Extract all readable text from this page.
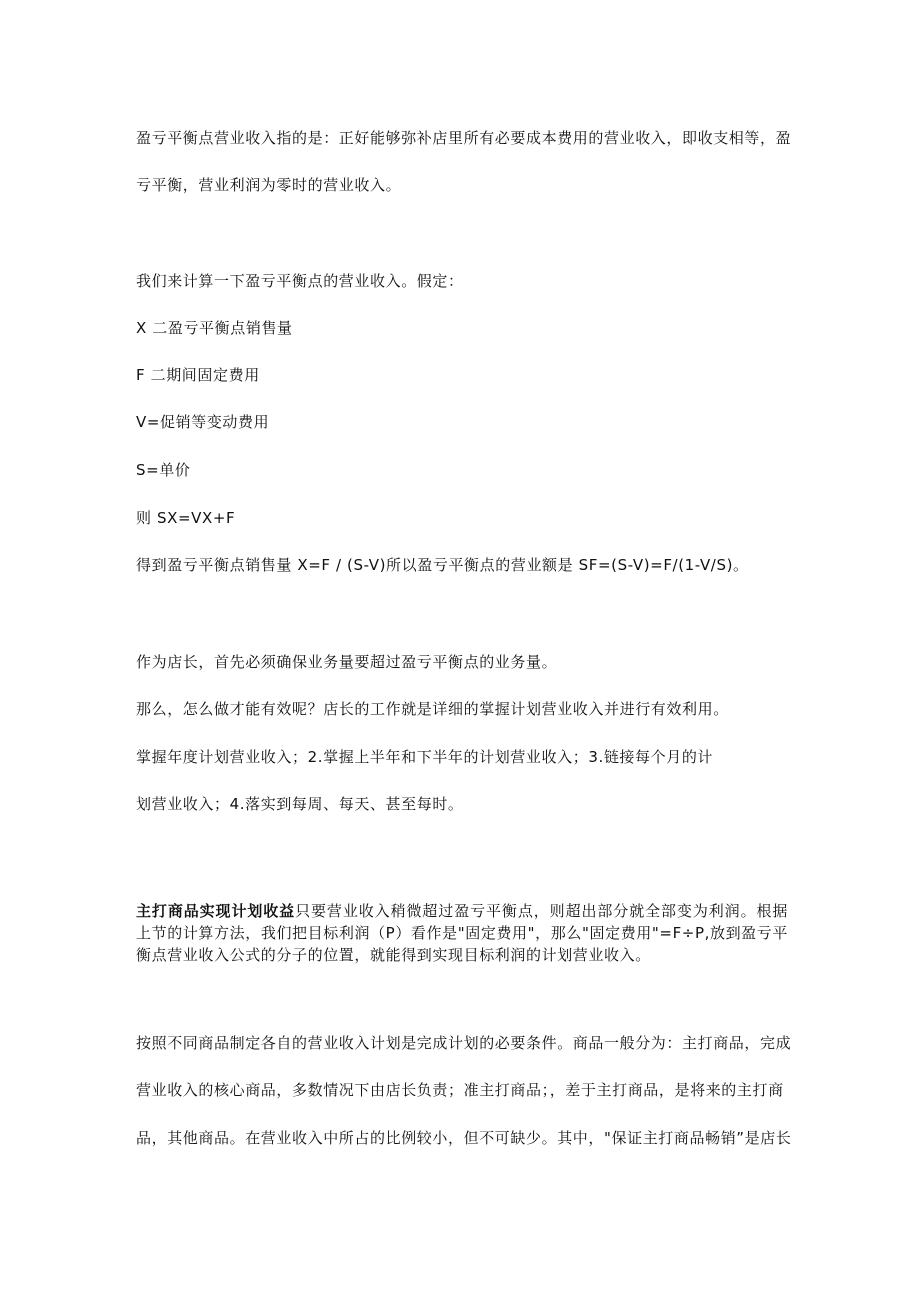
盈亏平衡点营业收入指的是：正好能够弥补店里所有必要成本费用的营业收入，即收支相等，盈

亏平衡，营业利润为零时的营业收入。

我们来计算一下盈亏平衡点的营业收入。假定：

X 二盈亏平衡点销售量

F 二期间固定费用

V=促销等变动费用

S=单价

则 SX=VX+F

得到盈亏平衡点销售量 X=F / (S-V)所以盈亏平衡点的营业额是 SF=(S-V)=F/(1-V/S)。

作为店长，首先必须确保业务量要超过盈亏平衡点的业务量。

那么，怎么做才能有效呢？店长的工作就是详细的掌握计划营业收入并进行有效利用。

掌握年度计划营业收入；2.掌握上半年和下半年的计划营业收入；3.链接每个月的计

划营业收入；4.落实到每周、每天、甚至每时。

主打商品实现计划收益只要营业收入稍微超过盈亏平衡点，则超出部分就全部变为利润。根据上节的计算方法，我们把目标利润（P）看作是"固定费用"，那么"固定费用"=F÷P,放到盈亏平衡点营业收入公式的分子的位置，就能得到实现目标利润的计划营业收入。

按照不同商品制定各自的营业收入计划是完成计划的必要条件。商品一般分为：主打商品，完成

营业收入的核心商品，多数情况下由店长负责；准主打商品；，差于主打商品，是将来的主打商

品，其他商品。在营业收入中所占的比例较小，但不可缺少。其中，"保证主打商品畅销”是店长
